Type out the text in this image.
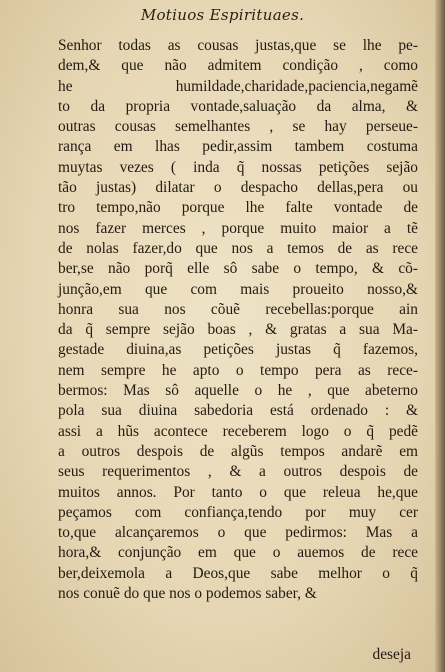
Motiuos Espirituaes.
Senhor todas as cousas justas,que se lhe pe-
dem,& que não admitem condição , como
he humildade,charidade,paciencia,negamẽ
to da propria vontade,saluação da alma, &
outras cousas semelhantes , se hay perseue-
rança em lhas pedir,assim tambem costuma
muytas vezes ( inda q̃ nossas petições sejão
tão justas) dilatar o despacho dellas,pera ou
tro tempo,não porque lhe falte vontade de
nos fazer merces , porque muito maior a tẽ
de nolas fazer,do que nos a temos de as rece
ber,se não porq̃ elle sô sabe o tempo, & cõ-
junção,em que com mais proueito nosso,&
honra sua nos cõuẽ recebellas:porque ain
da q̃ sempre sejão boas , & gratas a sua Ma-
gestade diuina,as petições justas q̃ fazemos,
nem sempre he apto o tempo pera as rece-
bermos: Mas sô aquelle o he , que abeterno
pola sua diuina sabedoria está ordenado : &
assi a hũs acontece receberem logo o q̃ pedẽ
a outros despois de algũs tempos andarẽ em
seus requerimentos , & a outros despois de
muitos annos. Por tanto o que releua he,que
peçamos com confiança,tendo por muy cer
to,que alcançaremos o que pedirmos: Mas a
hora,& conjunção em que o auemos de rece
ber,deixemola a Deos,que sabe melhor o q̃
nos conuẽ do que nos o podemos saber, &
deseja
